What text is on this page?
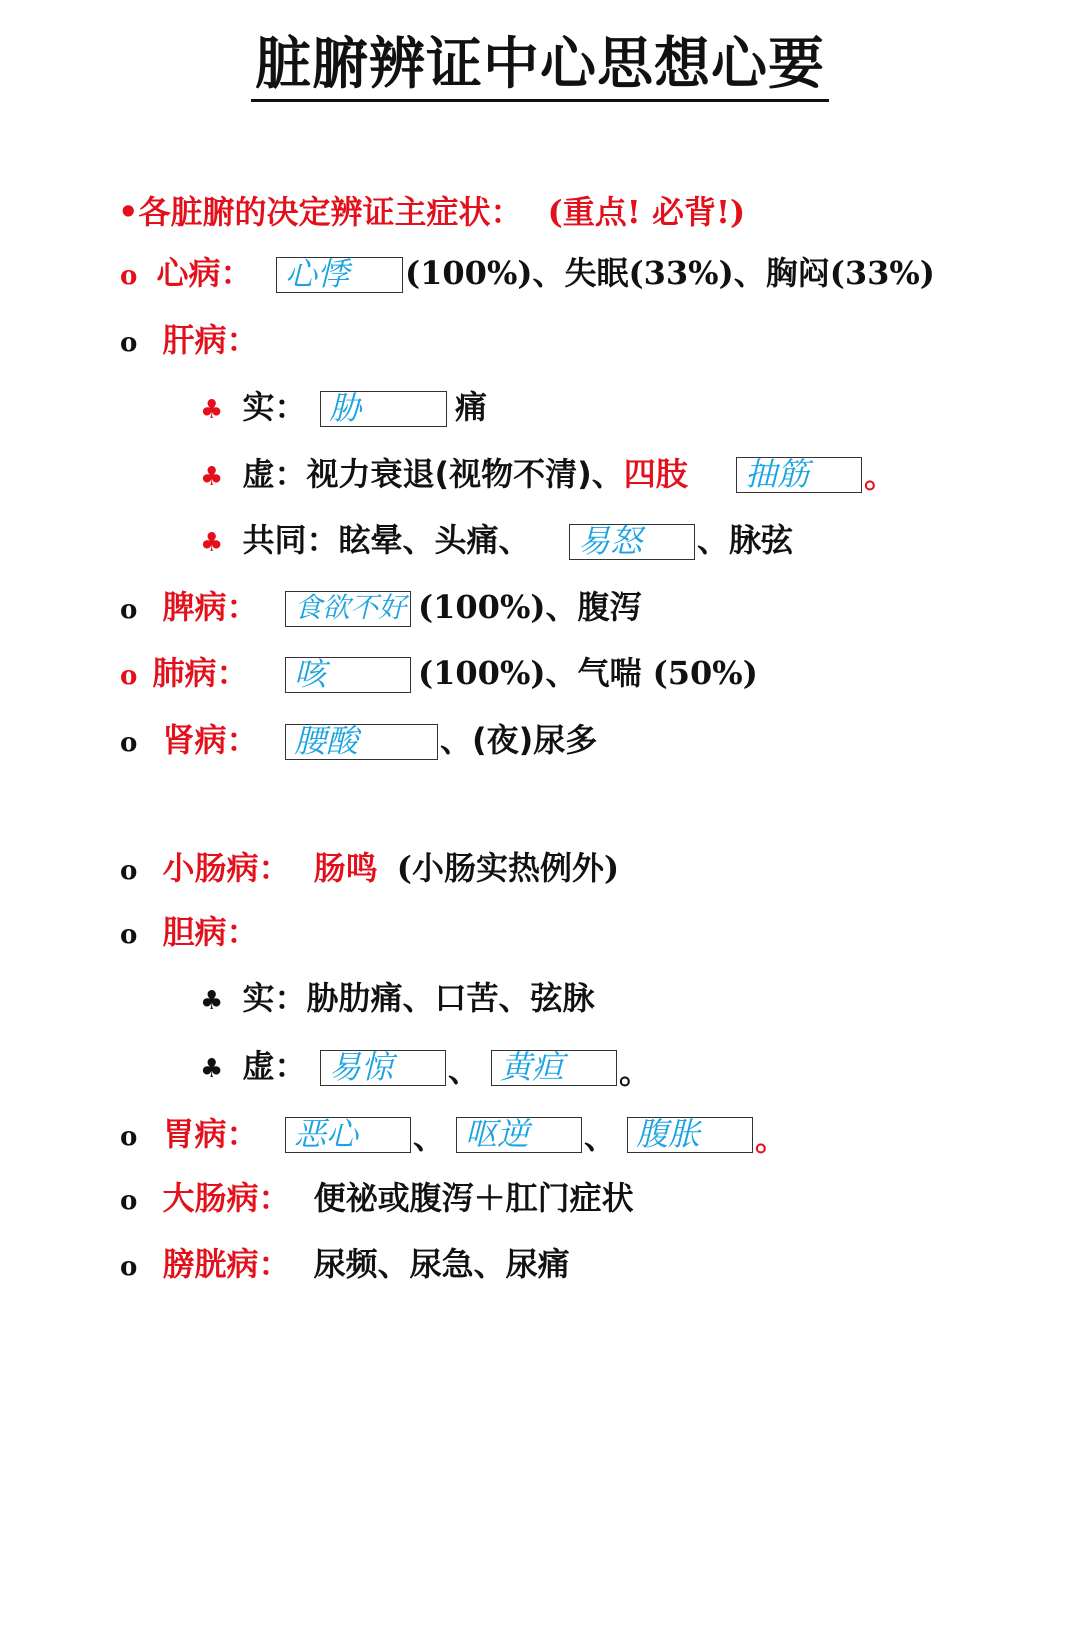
脏腑辨证中心思想心要
•各脏腑的决定辨证主症状： (重点! 必背!)
o 心病： 心悸 (100%)、失眠(33%)、胸闷(33%)
o 肝病：
♣ 实： 胁	痛
♣ 虚：视力衰退(视物不清)、四肢 抽筋 。
♣ 共同：眩晕、头痛、 易怒 、脉弦
o 脾病： 食欲不好 (100%)、腹泻
o 肺病： 咳	(100%)、气喘 (50%)
o 肾病： 腰酸	、(夜)尿多
o 小肠病： 肠鸣 (小肠实热例外)
o 胆病：
♣ 实：胁肋痛、口苦、弦脉
♣ 虚： 易惊 、 黄疸 。
o 胃病： 恶心 、 呕逆 、 腹胀 。
o 大肠病： 便祕或腹泻＋肛门症状
o 膀胱病： 尿频、尿急、尿痛
